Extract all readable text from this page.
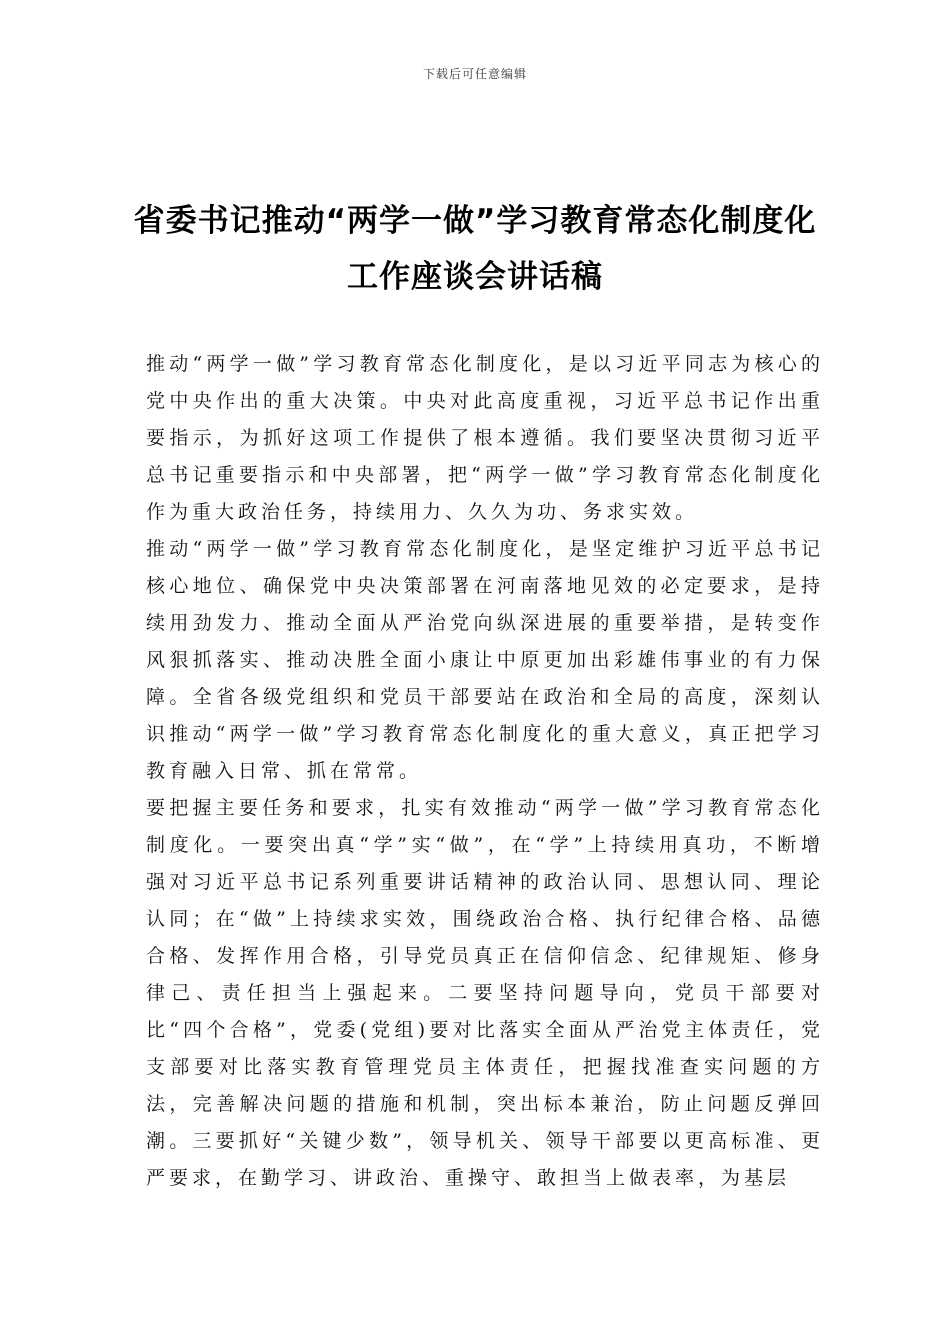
下载后可任意编辑
省委书记推动“两学一做”学习教育常态化制度化工作座谈会讲话稿

推动“两学一做”学习教育常态化制度化，是以习近平同志为核心的党中央作出的重大决策。中央对此高度重视，习近平总书记作出重要指示，为抓好这项工作提供了根本遵循。我们要坚决贯彻习近平总书记重要指示和中央部署，把“两学一做”学习教育常态化制度化作为重大政治任务，持续用力、久久为功、务求实效。

推动“两学一做”学习教育常态化制度化，是坚定维护习近平总书记核心地位、确保党中央决策部署在河南落地见效的必定要求，是持续用劲发力、推动全面从严治党向纵深进展的重要举措，是转变作风狠抓落实、推动决胜全面小康让中原更加出彩雄伟事业的有力保障。全省各级党组织和党员干部要站在政治和全局的高度，深刻认识推动“两学一做”学习教育常态化制度化的重大意义，真正把学习教育融入日常、抓在常常。

要把握主要任务和要求，扎实有效推动“两学一做”学习教育常态化制度化。一要突出真“学”实“做”，在“学”上持续用真功，不断增强对习近平总书记系列重要讲话精神的政治认同、思想认同、理论认同；在“做”上持续求实效，围绕政治合格、执行纪律合格、品德合格、发挥作用合格，引导党员真正在信仰信念、纪律规矩、修身律己、责任担当上强起来。二要坚持问题导向，党员干部要对比“四个合格”，党委(党组)要对比落实全面从严治党主体责任，党支部要对比落实教育管理党员主体责任，把握找准查实问题的方法，完善解决问题的措施和机制，突出标本兼治，防止问题反弹回潮。三要抓好“关键少数”，领导机关、领导干部要以更高标准、更严要求，在勤学习、讲政治、重操守、敢担当上做表率，为基层
